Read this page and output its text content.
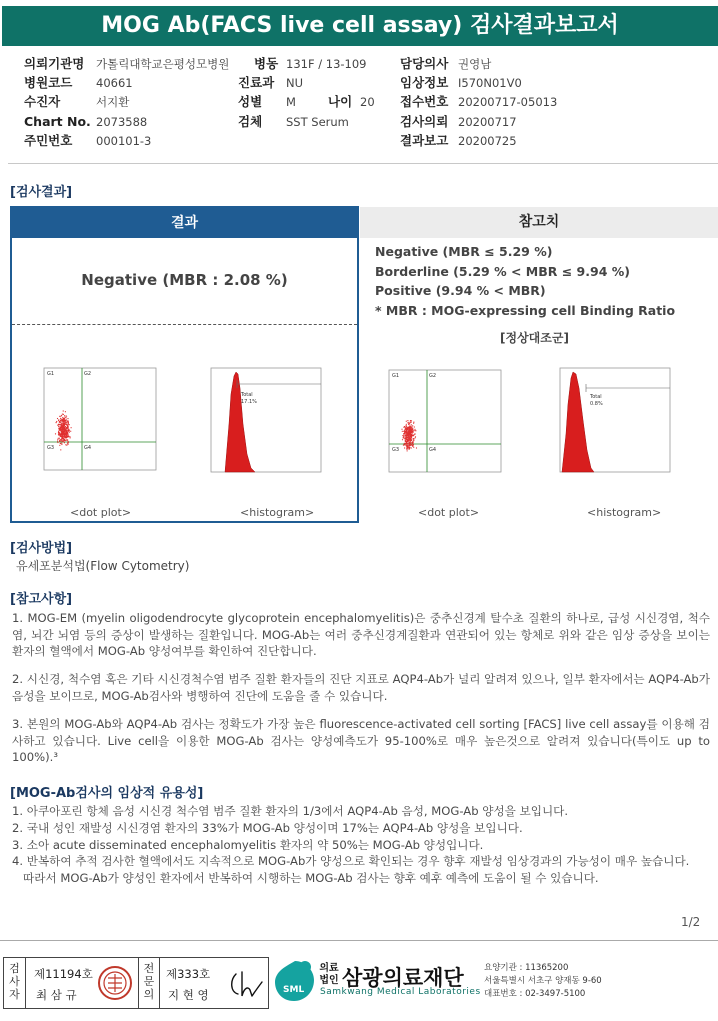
MOG Ab(FACS live cell assay) 검사결과보고서
의뢰기관명 가톨릭대학교은평성모병원 병동 131F / 13-109	담당의사 권영남
병원코드 40661	진료과 NU	임상정보 I570N01V0
수진자	서지환	성별 M	나이 20 접수번호 20200717-05013
Chart No. 2073588	검체 SST Serum	검사의뢰 20200717
주민번호 000101-3	결과보고 20200725
[검사결과]
결과
Negative (MBR : 2.08 %)
참고치
Negative (MBR ≤ 5.29 %)
Borderline (5.29 % < MBR ≤ 9.94 %)
Positive (9.94 % < MBR)
* MBR : MOG-expressing cell Binding Ratio
[정상대조군]
G1	G2
G3	G4
Total
17.1%
<dot plot>	<histogram>
G1	G2
G3	G4
Total
0.8%
<dot plot>	<histogram>
[검사방법]
유세포분석법(Flow Cytometry)
[참고사항]
1. MOG-EM (myelin oligodendrocyte glycoprotein encephalomyelitis)은 중추신경계 탈수초 질환의 하나로, 급성 시신경염, 척수염, 뇌간 뇌염 등의 증상이 발생하는 질환입니다. MOG-Ab는 여러 중추신경계질환과 연관되어 있는 항체로 위와 같은 임상 증상을 보이는 환자의 혈액에서 MOG-Ab 양성여부를 확인하여 진단합니다.
2. 시신경, 척수염 혹은 기타 시신경척수염 범주 질환 환자들의 진단 지표로 AQP4-Ab가 널리 알려져 있으나, 일부 환자에서는 AQP4-Ab가 음성을 보이므로, MOG-Ab검사와 병행하여 진단에 도움을 줄 수 있습니다.
3. 본원의 MOG-Ab와 AQP4-Ab 검사는 정확도가 가장 높은 fluorescence-activated cell sorting [FACS] live cell assay를 이용해 검사하고 있습니다. Live cell을 이용한 MOG-Ab 검사는 양성예측도가 95-100%로 매우 높은것으로 알려져 있습니다(특이도 up to 100%).³
[MOG-Ab검사의 임상적 유용성]
1. 아쿠아포린 항체 음성 시신경 척수염 범주 질환 환자의 1/3에서 AQP4-Ab 음성, MOG-Ab 양성을 보입니다.
2. 국내 성인 재발성 시신경염 환자의 33%가 MOG-Ab 양성이며 17%는 AQP4-Ab 양성을 보입니다.
3. 소아 acute disseminated encephalomyelitis 환자의 약 50%는 MOG-Ab 양성입니다.
4. 반복하여 추적 검사한 혈액에서도 지속적으로 MOG-Ab가 양성으로 확인되는 경우 향후 재발성 임상경과의 가능성이 매우 높습니다.
따라서 MOG-Ab가 양성인 환자에서 반복하여 시행하는 MOG-Ab 검사는 향후 예후 예측에 도움이 될 수 있습니다.
1/2
검사자
제11194호
최 삼 규
전문의
제333호
지 현 영	SML
의료법인 삼광의료재단
Samkwang Medical Laboratories
요양기관 : 11365200
서울특별시 서초구 양재동 9-60
대표번호 : 02-3497-5100
